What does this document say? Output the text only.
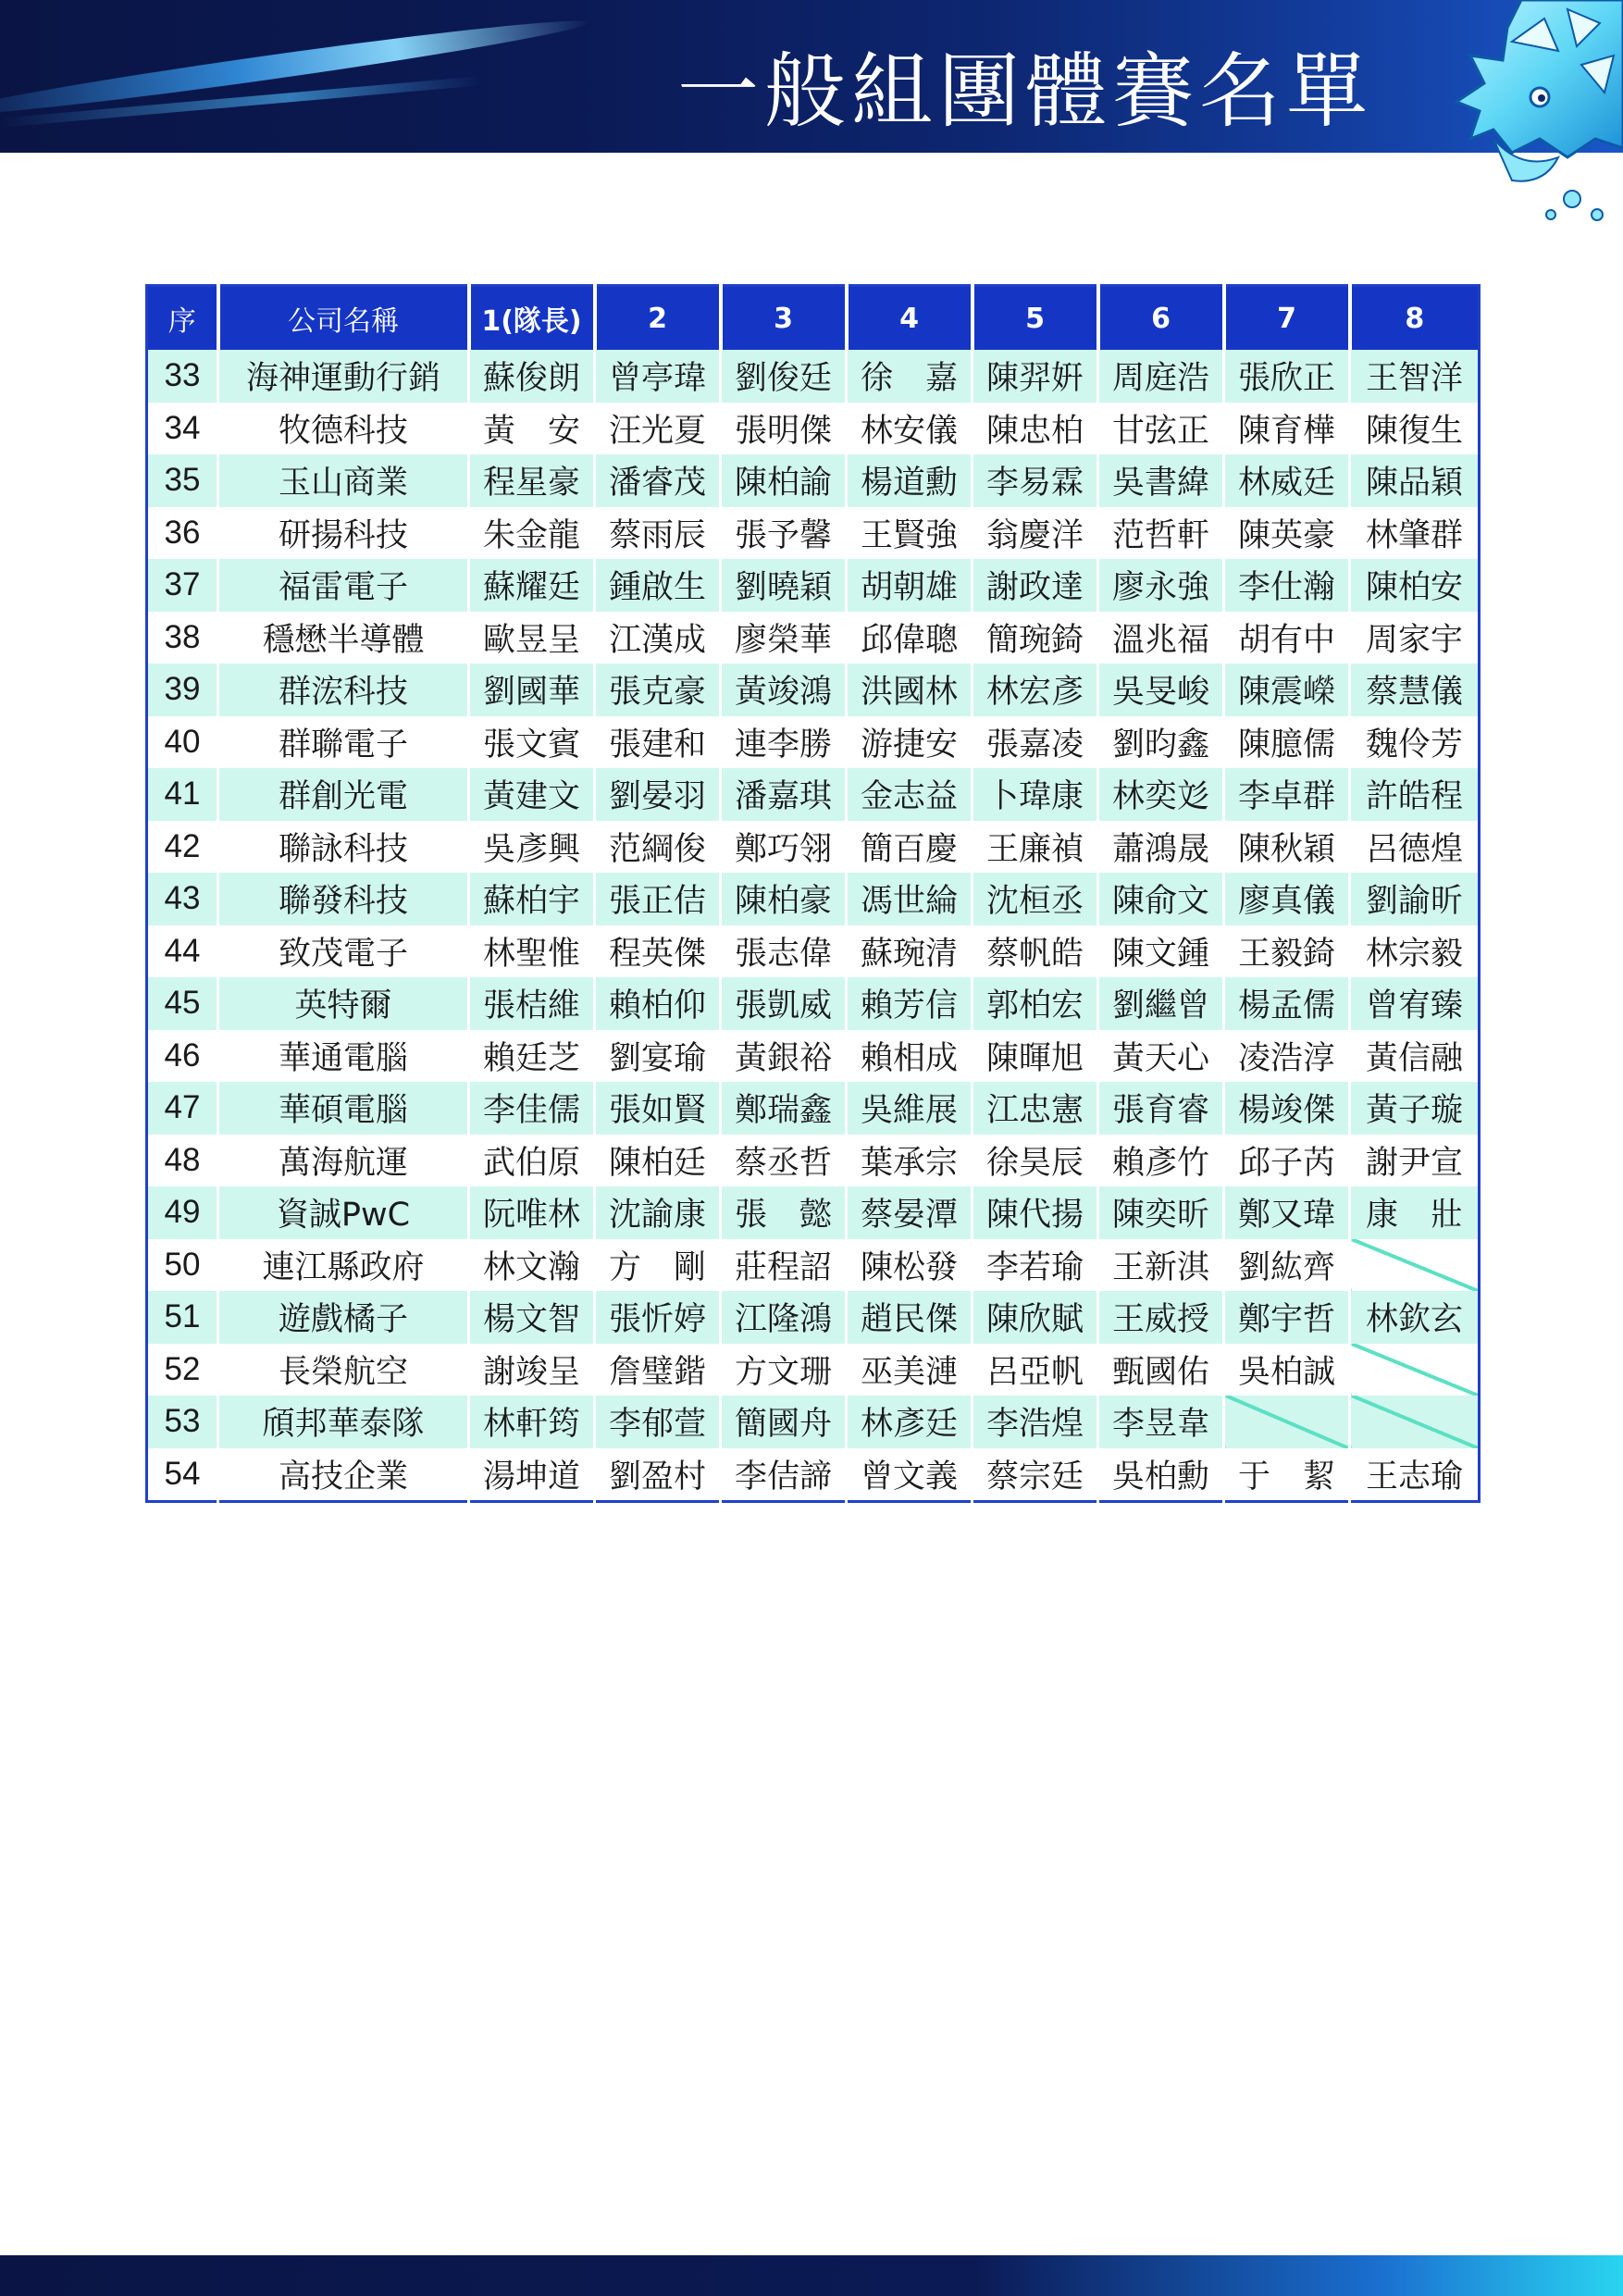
一般組團體賽名單
序	公司名稱	1(隊長)	2	3	4	5	6	7	8
33	海神運動行銷	蘇俊朗	曾亭瑋	劉俊廷	徐　嘉	陳羿姸	周庭浩	張欣正	王智洋
34	牧德科技	黃　安	汪光夏	張明傑	林安儀	陳忠柏	甘弦正	陳育樺	陳復生
35	玉山商業	程星豪	潘睿茂	陳柏諭	楊道勳	李易霖	吳書緯	林威廷	陳品穎
36	研揚科技	朱金龍	蔡雨辰	張予馨	王賢強	翁慶洋	范哲軒	陳英豪	林肇群
37	福雷電子	蘇耀廷	鍾啟生	劉曉穎	胡朝雄	謝政達	廖永強	李仕瀚	陳柏安
38	穩懋半導體	歐昱呈	江漢成	廖榮華	邱偉聰	簡琬錡	溫兆福	胡有中	周家宇
39	群浤科技	劉國華	張克豪	黃竣鴻	洪國林	林宏彥	吳旻峻	陳震嶸	蔡慧儀
40	群聯電子	張文賓	張建和	連李勝	游捷安	張嘉凌	劉昀鑫	陳臆儒	魏伶芳
41	群創光電	黃建文	劉晏羽	潘嘉琪	金志益	卜瑋康	林奕彣	李卓群	許皓程
42	聯詠科技	吳彥興	范綱俊	鄭巧翎	簡百慶	王廉禎	蕭鴻晟	陳秋穎	呂德煌
43	聯發科技	蘇柏宇	張正佶	陳柏豪	馮世綸	沈桓丞	陳俞文	廖真儀	劉諭昕
44	致茂電子	林聖惟	程英傑	張志偉	蘇琬清	蔡帆皓	陳文鍾	王毅錡	林宗毅
45	英特爾	張桔維	賴柏仰	張凱威	賴芳信	郭柏宏	劉繼曾	楊孟儒	曾宥臻
46	華通電腦	賴廷芝	劉宴瑜	黃銀裕	賴相成	陳暉旭	黃天心	凌浩淳	黃信融
47	華碩電腦	李佳儒	張如賢	鄭瑞鑫	吳維展	江忠憲	張育睿	楊竣傑	黃子璇
48	萬海航運	武伯原	陳柏廷	蔡丞哲	葉承宗	徐昊辰	賴彥竹	邱子芮	謝尹宣
49	資誠PwC	阮唯林	沈諭康	張　懿	蔡晏潭	陳代揚	陳奕昕	鄭又瑋	康　壯
50	連江縣政府	林文瀚	方　剛	莊程詔	陳松發	李若瑜	王新淇	劉紘齊	
51	遊戲橘子	楊文智	張忻婷	江隆鴻	趙民傑	陳欣賦	王威授	鄭宇哲	林欽玄
52	長榮航空	謝竣呈	詹璧鍇	方文珊	巫美漣	呂亞帆	甄國佑	吳柏誠	
53	頎邦華泰隊	林軒筠	李郁萱	簡國舟	林彥廷	李浩煌	李昱韋		
54	高技企業	湯坤道	劉盈村	李佶諦	曾文義	蔡宗廷	吳柏勳	于　絜	王志瑜
